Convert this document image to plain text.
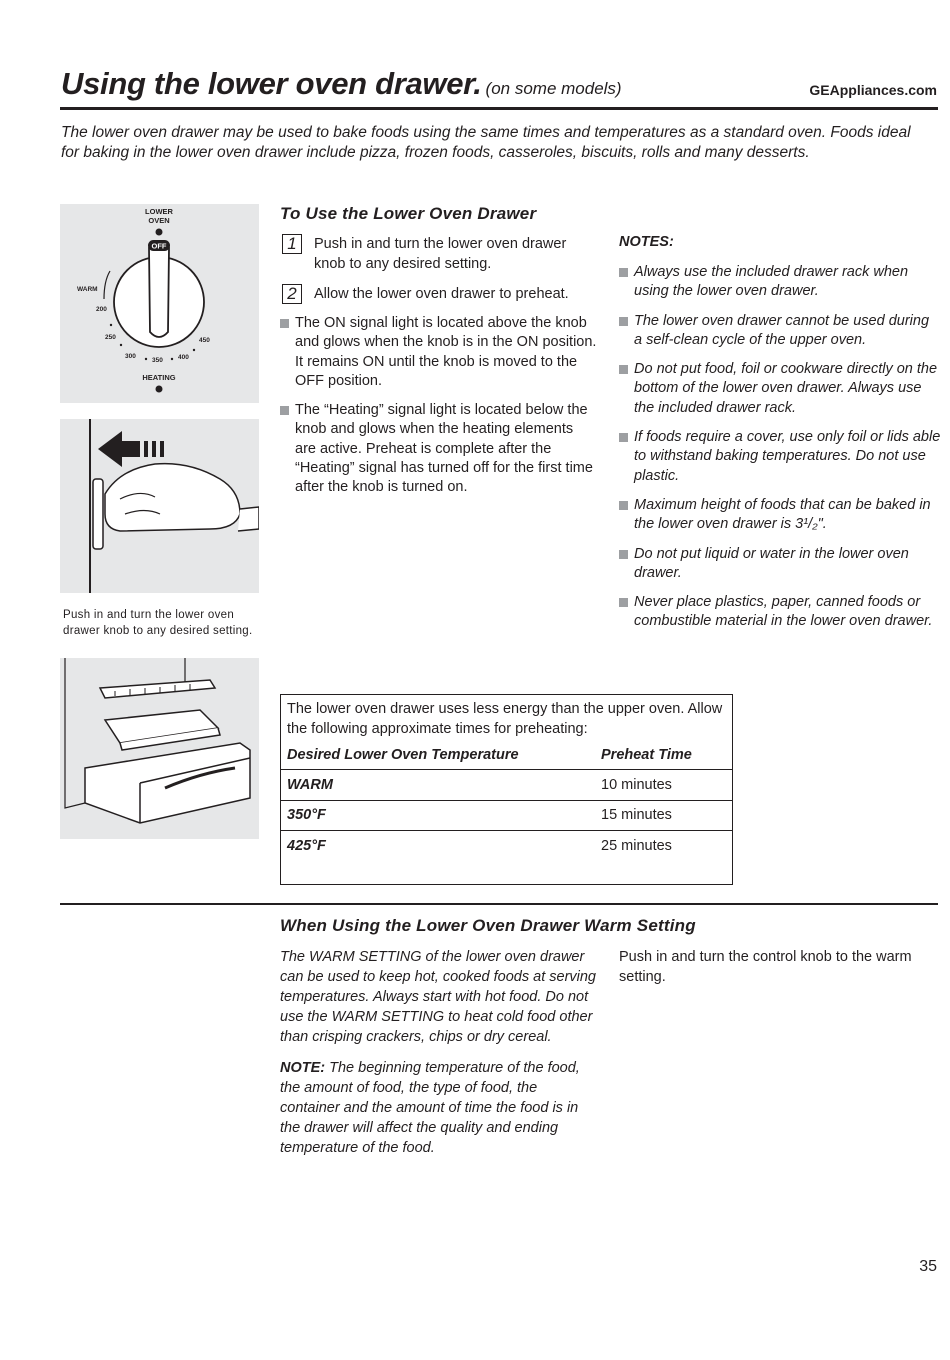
Using the lower oven drawer. (on some models)	GEAppliances.com
The lower oven drawer may be used to bake foods using the same times and temperatures as a standard oven. Foods ideal for baking in the lower oven drawer include pizza, frozen foods, casseroles, biscuits, rolls and many desserts.
LOWER
OVEN
OFF
WARM
200
250
300
350 400
450
HEATING
Push in and turn the lower oven drawer knob to any desired setting.
To Use the Lower Oven Drawer
1	Push in and turn the lower oven drawer knob to any desired setting.
2	Allow the lower oven drawer to preheat.
The ON signal light is located above the knob and glows when the knob is in the ON position. It remains ON until the knob is moved to the OFF position.
The “Heating” signal light is located below the knob and glows when the heating elements are active. Preheat is complete after the “Heating” signal has turned off for the first time after the knob is turned on.
NOTES:
Always use the included drawer rack when using the lower oven drawer.
The lower oven drawer cannot be used during a self-clean cycle of the upper oven.
Do not put food, foil or cookware directly on the bottom of the lower oven drawer. Always use the included drawer rack.
If foods require a cover, use only foil or lids able to withstand baking temperatures. Do not use plastic.
Maximum height of foods that can be baked in the lower oven drawer is 3¹/₂".
Do not put liquid or water in the lower oven drawer.
Never place plastics, paper, canned foods or combustible material in the lower oven drawer.
The lower oven drawer uses less energy than the upper oven. Allow the following approximate times for preheating:
Desired Lower Oven Temperature	Preheat Time
WARM	10 minutes
350°F	15 minutes
425°F	25 minutes
When Using the Lower Oven Drawer Warm Setting
The WARM SETTING of the lower oven drawer can be used to keep hot, cooked foods at serving temperatures. Always start with hot food. Do not use the WARM SETTING to heat cold food other than crisping crackers, chips or dry cereal.
NOTE: The beginning temperature of the food, the amount of food, the type of food, the container and the amount of time the food is in the drawer will affect the quality and ending temperature of the food.
Push in and turn the control knob to the warm setting.
35
